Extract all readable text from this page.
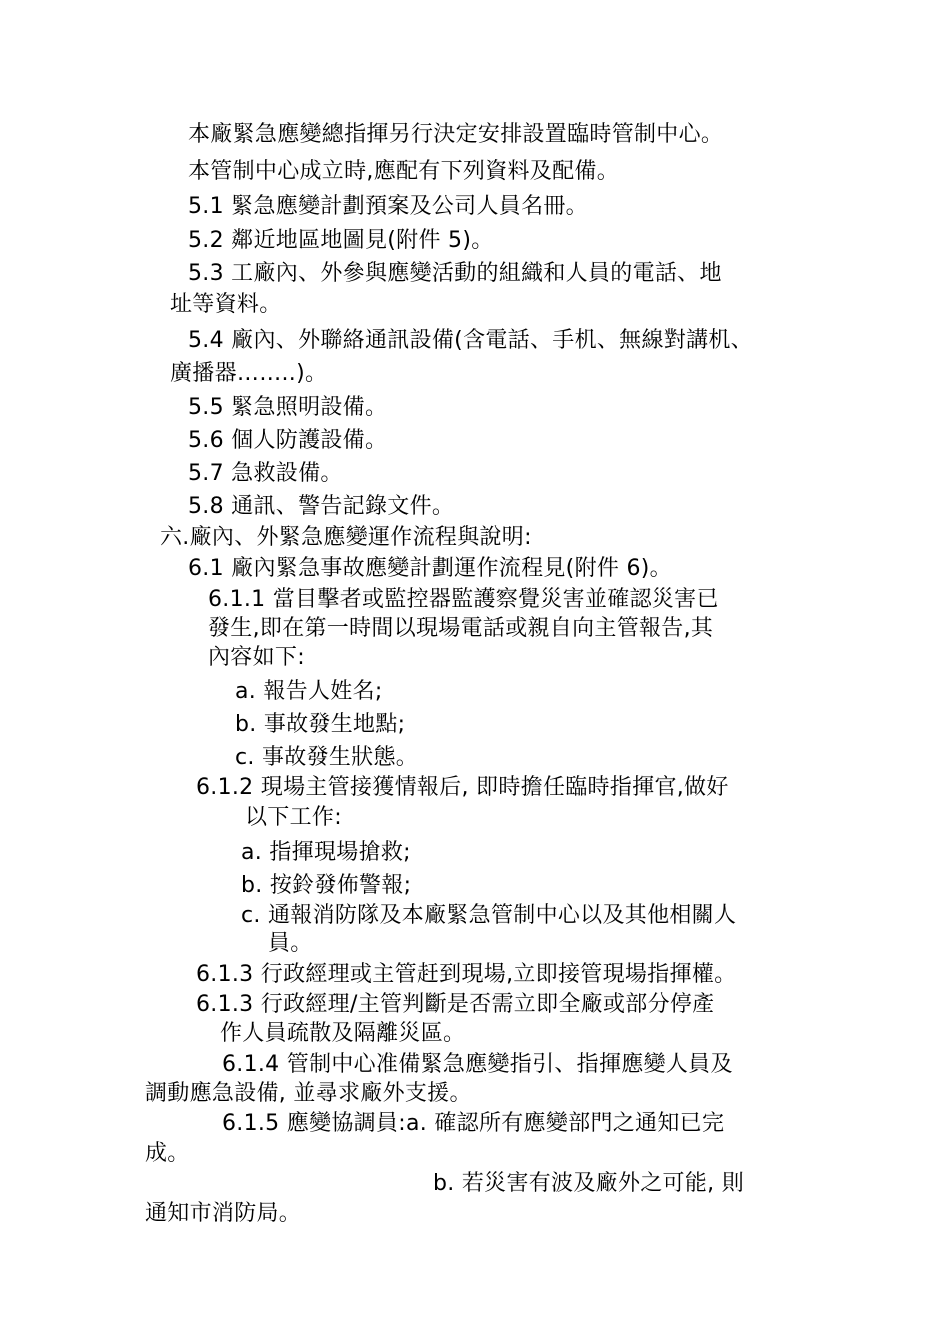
本廠緊急應變總指揮另行決定安排設置臨時管制中心。
本管制中心成立時,應配有下列資料及配備。
5.1 緊急應變計劃預案及公司人員名冊。
5.2 鄰近地區地圖見(附件 5)。
5.3 工廠內、外參與應變活動的組織和人員的電話、地
址等資料。
5.4 廠內、外聯絡通訊設備(含電話、手机、無線對講机、
廣播器……..)。
5.5 緊急照明設備。
5.6 個人防護設備。
5.7 急救設備。
5.8 通訊、警告記錄文件。
六.廠內、外緊急應變運作流程與說明:
6.1 廠內緊急事故應變計劃運作流程見(附件 6)。
6.1.1 當目擊者或監控器監護察覺災害並確認災害已
發生,即在第一時間以現場電話或親自向主管報告,其
內容如下:
a. 報告人姓名;
b. 事故發生地點;
c. 事故發生狀態。
6.1.2 現場主管接獲情報后, 即時擔任臨時指揮官,做好
以下工作:
a. 指揮現場搶救;
b. 按鈴發佈警報;
c. 通報消防隊及本廠緊急管制中心以及其他相關人
員。
6.1.3 行政經理或主管赶到現場,立即接管現場指揮權。
6.1.3 行政經理/主管判斷是否需立即全廠或部分停產
作人員疏散及隔離災區。
6.1.4 管制中心准備緊急應變指引、指揮應變人員及
調動應急設備, 並尋求廠外支援。
6.1.5 應變協調員:a. 確認所有應變部門之通知已完
成。
b. 若災害有波及廠外之可能, 則
通知市消防局。
